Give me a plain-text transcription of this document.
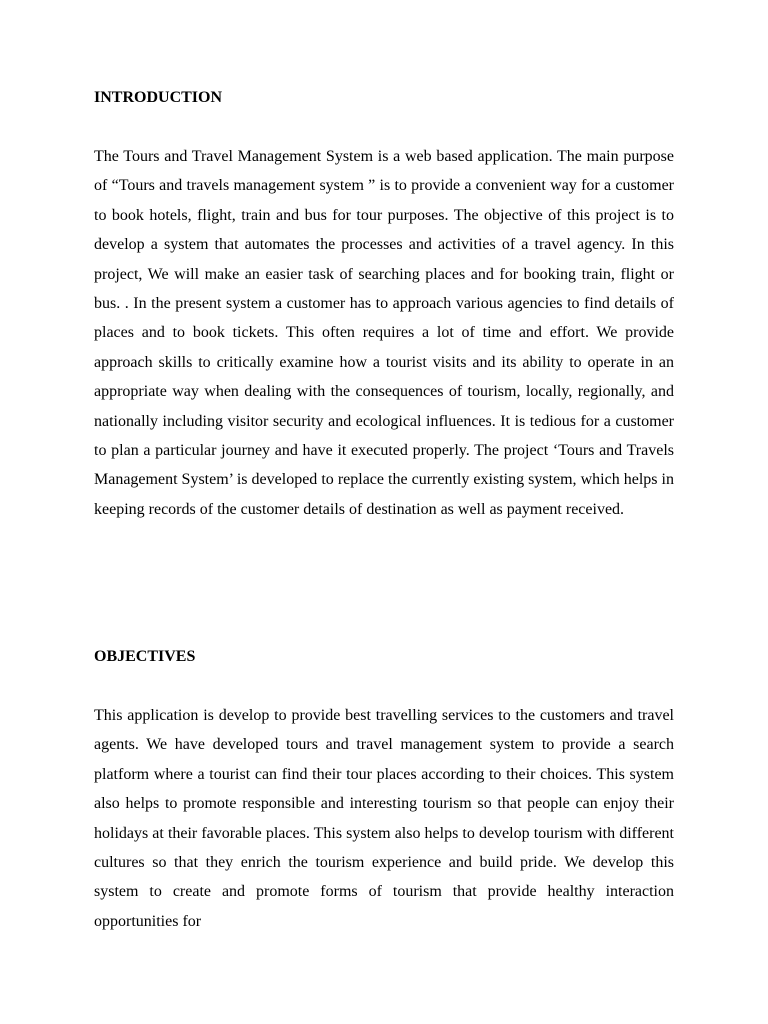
INTRODUCTION

The Tours and Travel Management System is a web based application. The main purpose of “Tours and travels management system ” is to provide a convenient way for a customer to book hotels, flight, train and bus for tour purposes. The objective of this project is to develop a system that automates the processes and activities of a travel agency. In this project, We will make an easier task of searching places and for booking train, flight or bus. . In the present system a customer has to approach various agencies to find details of places and to book tickets. This often requires a lot of time and effort. We provide approach skills to critically examine how a tourist visits and its ability to operate in an appropriate way when dealing with the consequences of tourism, locally, regionally, and nationally including visitor security and ecological influences. It is tedious for a customer to plan a particular journey and have it executed properly. The project ‘Tours and Travels Management System’ is developed to replace the currently existing system, which helps in keeping records of the customer details of destination as well as payment received.

OBJECTIVES

This application is develop to provide best travelling services to the customers and travel agents. We have developed tours and travel management system to provide a search platform where a tourist can find their tour places according to their choices. This system also helps to promote responsible and interesting tourism so that people can enjoy their holidays at their favorable places. This system also helps to develop tourism with different cultures so that they enrich the tourism experience and build pride. We develop this system to create and promote forms of tourism that provide healthy interaction opportunities for
